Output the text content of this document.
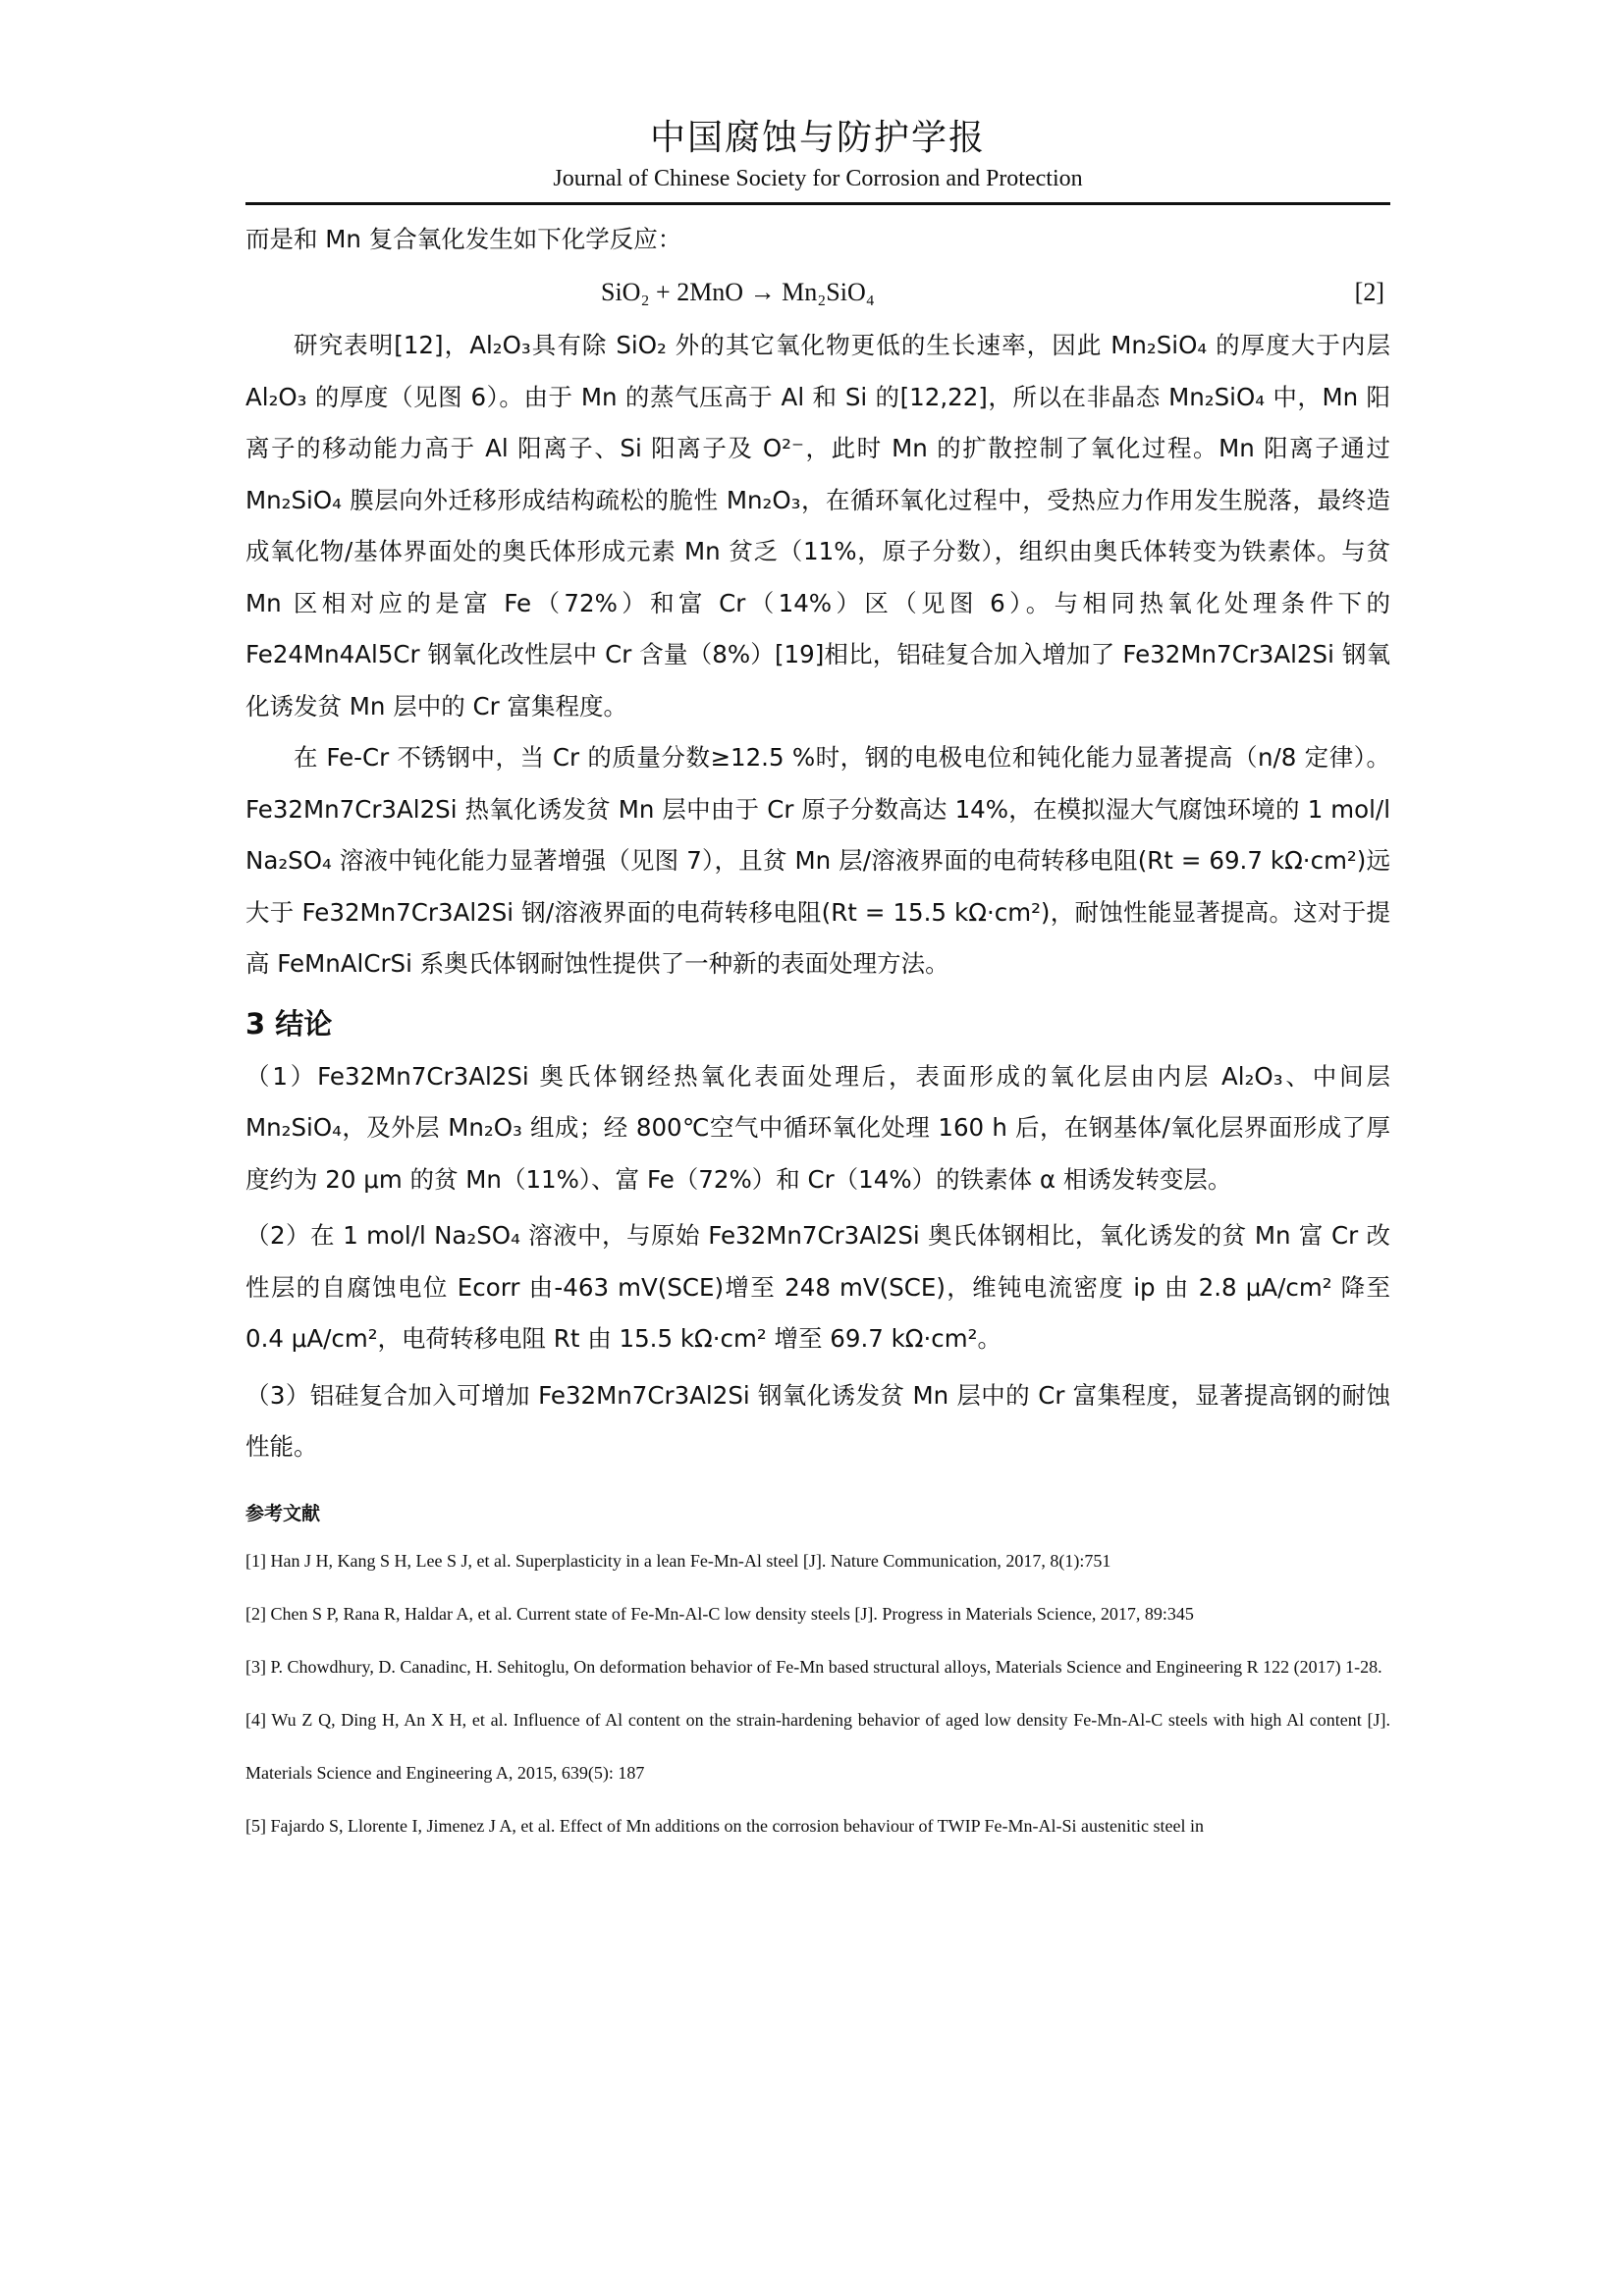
中国腐蚀与防护学报
Journal of Chinese Society for Corrosion and Protection

而是和 Mn 复合氧化发生如下化学反应：

SiO₂ + 2MnO → Mn₂SiO₄	[2]

研究表明[12]，Al₂O₃具有除 SiO₂ 外的其它氧化物更低的生长速率，因此 Mn₂SiO₄ 的厚度大于内层 Al₂O₃ 的厚度（见图 6）。由于 Mn 的蒸气压高于 Al 和 Si 的[12,22]，所以在非晶态 Mn₂SiO₄ 中，Mn 阳离子的移动能力高于 Al 阳离子、Si 阳离子及 O²⁻，此时 Mn 的扩散控制了氧化过程。Mn 阳离子通过 Mn₂SiO₄ 膜层向外迁移形成结构疏松的脆性 Mn₂O₃，在循环氧化过程中，受热应力作用发生脱落，最终造成氧化物/基体界面处的奥氏体形成元素 Mn 贫乏（11%，原子分数），组织由奥氏体转变为铁素体。与贫 Mn 区相对应的是富 Fe（72%）和富 Cr（14%）区（见图 6）。与相同热氧化处理条件下的 Fe24Mn4Al5Cr 钢氧化改性层中 Cr 含量（8%）[19]相比，铝硅复合加入增加了 Fe32Mn7Cr3Al2Si 钢氧化诱发贫 Mn 层中的 Cr 富集程度。

在 Fe-Cr 不锈钢中，当 Cr 的质量分数≥12.5 %时，钢的电极电位和钝化能力显著提高（n/8 定律）。Fe32Mn7Cr3Al2Si 热氧化诱发贫 Mn 层中由于 Cr 原子分数高达 14%，在模拟湿大气腐蚀环境的 1 mol/l Na₂SO₄ 溶液中钝化能力显著增强（见图 7），且贫 Mn 层/溶液界面的电荷转移电阻(Rt = 69.7 kΩ·cm²)远大于 Fe32Mn7Cr3Al2Si 钢/溶液界面的电荷转移电阻(Rt = 15.5 kΩ·cm²)，耐蚀性能显著提高。这对于提高 FeMnAlCrSi 系奥氏体钢耐蚀性提供了一种新的表面处理方法。

3 结论

（1）Fe32Mn7Cr3Al2Si 奥氏体钢经热氧化表面处理后，表面形成的氧化层由内层 Al₂O₃、中间层 Mn₂SiO₄，及外层 Mn₂O₃ 组成；经 800℃空气中循环氧化处理 160 h 后，在钢基体/氧化层界面形成了厚度约为 20 μm 的贫 Mn（11%）、富 Fe（72%）和 Cr（14%）的铁素体 α 相诱发转变层。

（2）在 1 mol/l Na₂SO₄ 溶液中，与原始 Fe32Mn7Cr3Al2Si 奥氏体钢相比，氧化诱发的贫 Mn 富 Cr 改性层的自腐蚀电位 Ecorr 由-463 mV(SCE)增至 248 mV(SCE)，维钝电流密度 ip 由 2.8 μA/cm² 降至 0.4 μA/cm²，电荷转移电阻 Rt 由 15.5 kΩ·cm² 增至 69.7 kΩ·cm²。

（3）铝硅复合加入可增加 Fe32Mn7Cr3Al2Si 钢氧化诱发贫 Mn 层中的 Cr 富集程度，显著提高钢的耐蚀性能。

参考文献
[1] Han J H, Kang S H, Lee S J, et al. Superplasticity in a lean Fe-Mn-Al steel [J]. Nature Communication, 2017, 8(1):751
[2] Chen S P, Rana R, Haldar A, et al. Current state of Fe-Mn-Al-C low density steels [J]. Progress in Materials Science, 2017, 89:345
[3] P. Chowdhury, D. Canadinc, H. Sehitoglu, On deformation behavior of Fe-Mn based structural alloys, Materials Science and Engineering R 122 (2017) 1-28.
[4] Wu Z Q, Ding H, An X H, et al. Influence of Al content on the strain-hardening behavior of aged low density Fe-Mn-Al-C steels with high Al content [J]. Materials Science and Engineering A, 2015, 639(5): 187
[5] Fajardo S, Llorente I, Jimenez J A, et al. Effect of Mn additions on the corrosion behaviour of TWIP Fe-Mn-Al-Si austenitic steel in
